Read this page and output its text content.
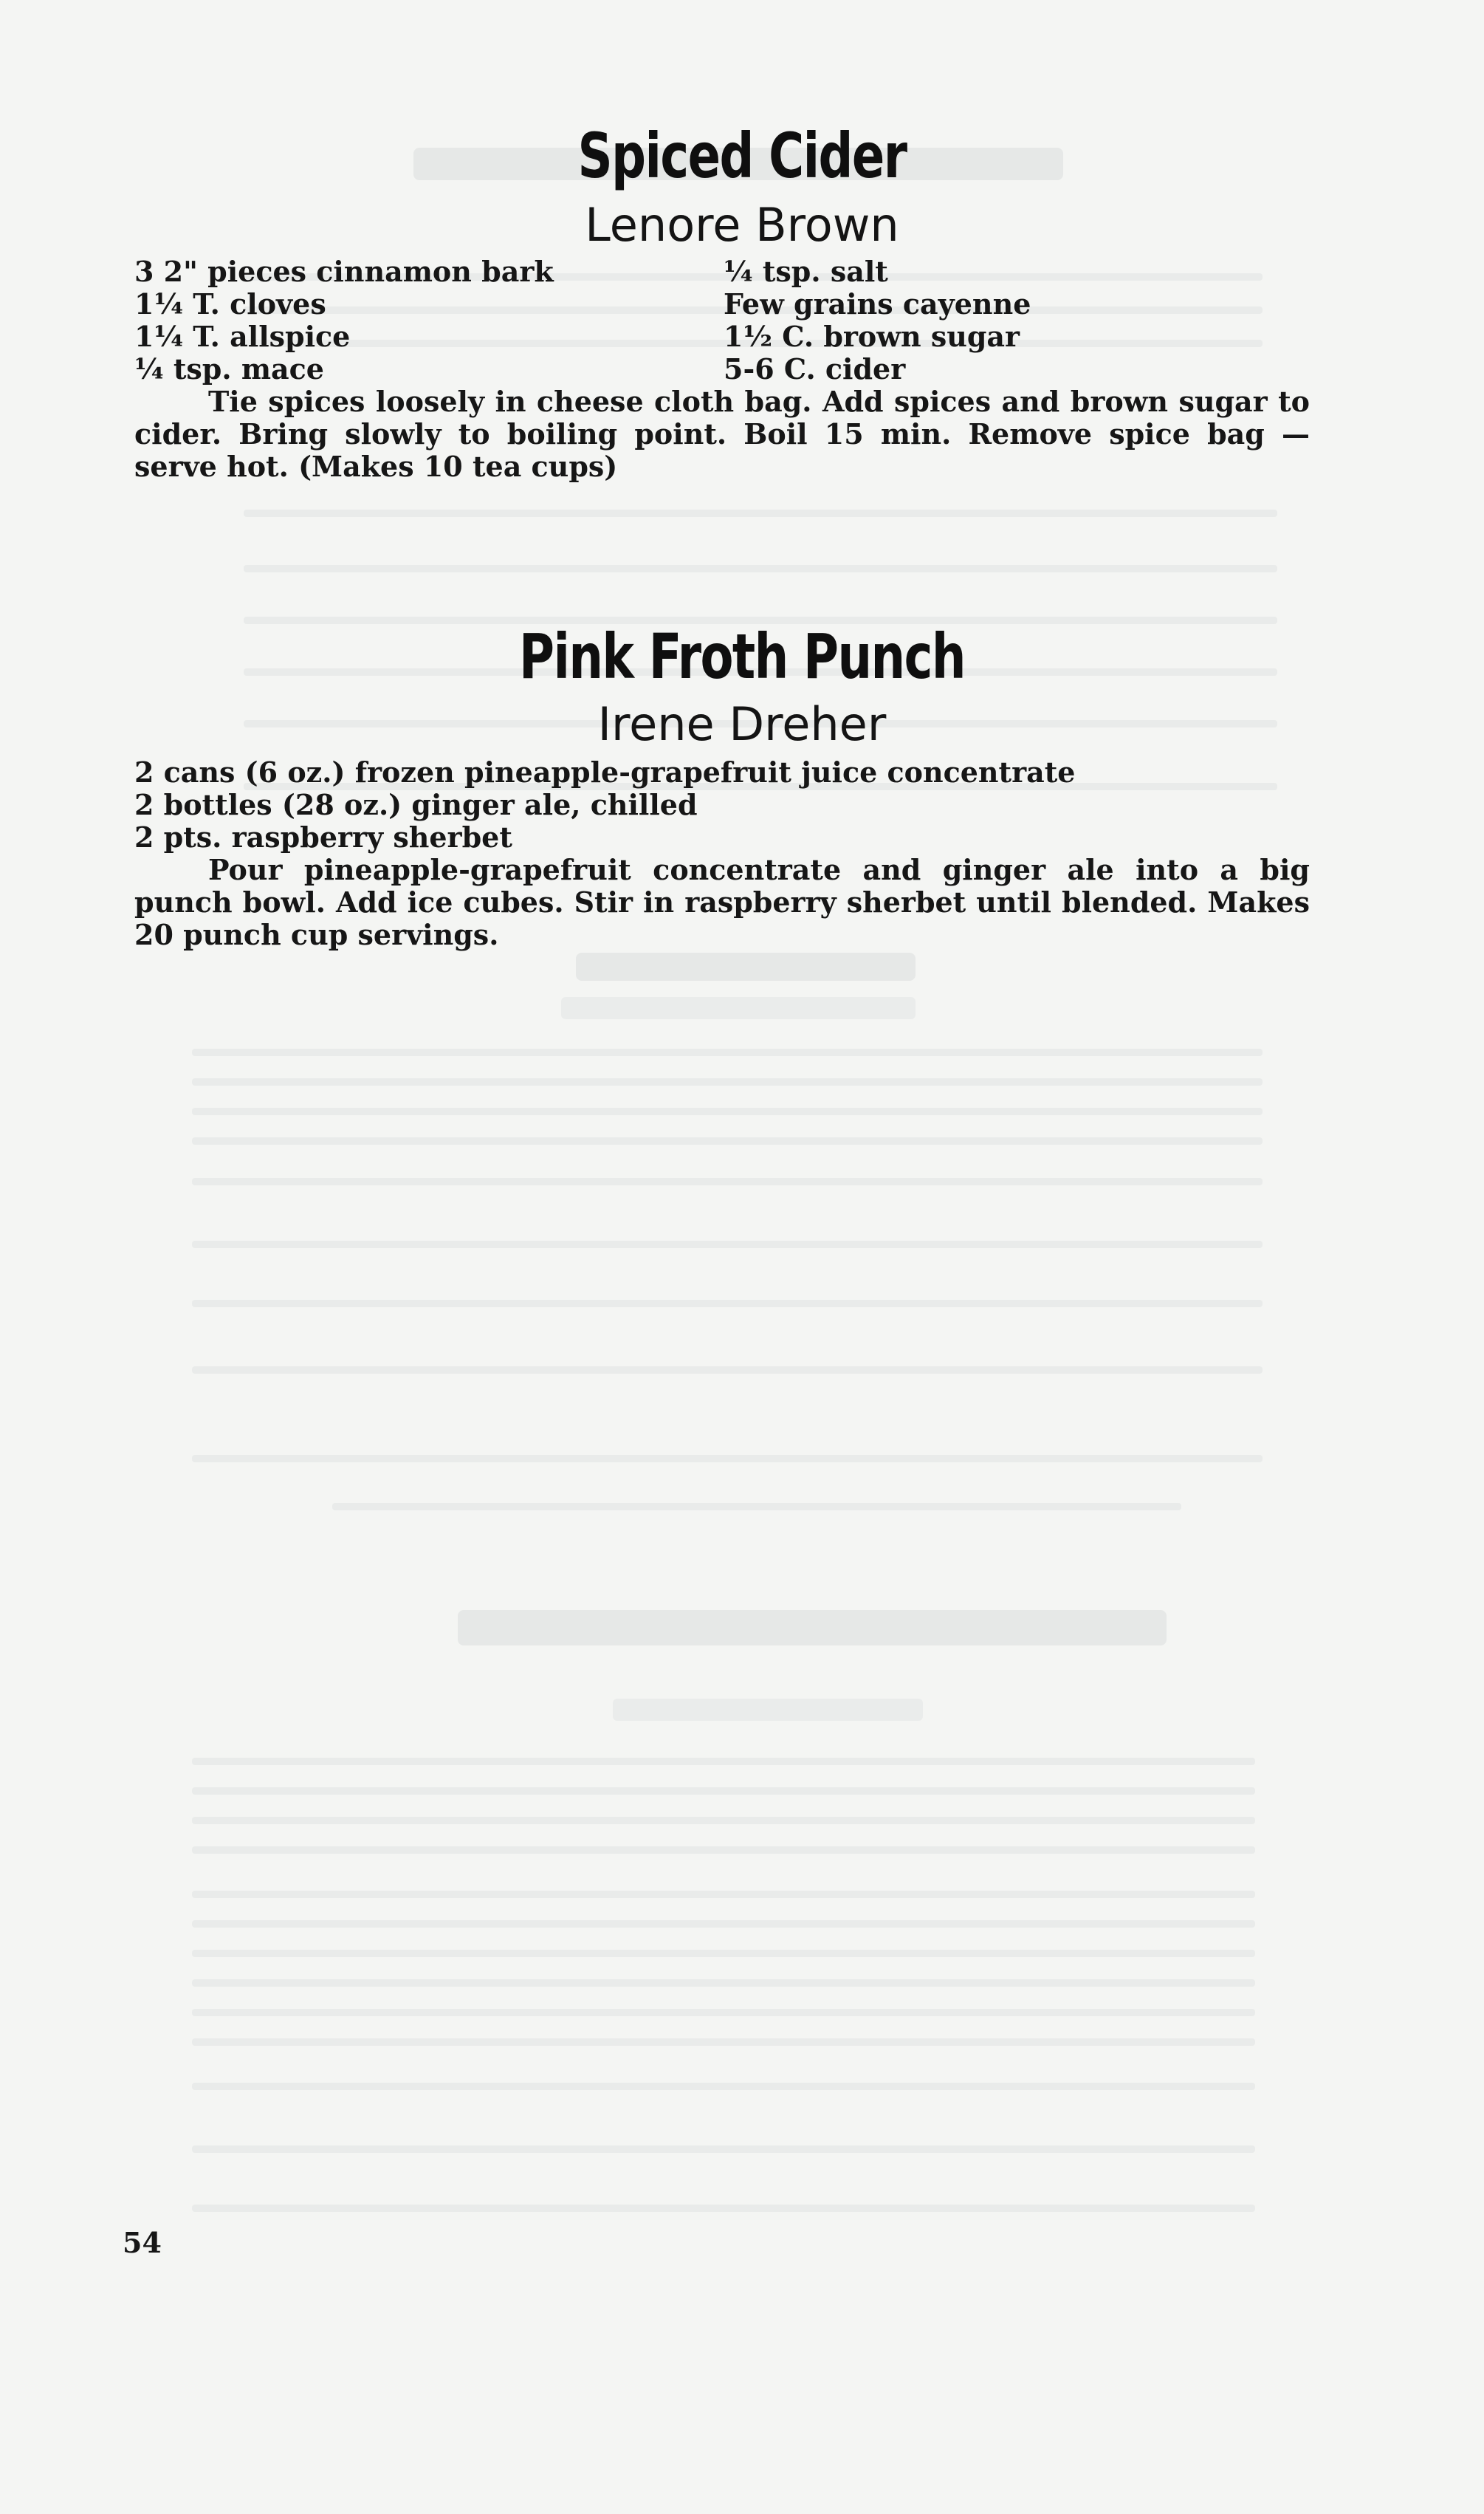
Spiced Cider
Lenore Brown
3 2" pieces cinnamon bark
1¼ T. cloves
1¼ T. allspice
¼ tsp. mace
¼ tsp. salt
Few grains cayenne
1½ C. brown sugar
5-6 C. cider

Tie spices loosely in cheese cloth bag. Add spices and brown sugar to cider. Bring slowly to boiling point. Boil 15 min. Remove spice bag — serve hot. (Makes 10 tea cups)

Pink Froth Punch
Irene Dreher
2 cans (6 oz.) frozen pineapple-grapefruit juice concentrate
2 bottles (28 oz.) ginger ale, chilled
2 pts. raspberry sherbet

Pour pineapple-grapefruit concentrate and ginger ale into a big punch bowl. Add ice cubes. Stir in raspberry sherbet until blended. Makes 20 punch cup servings.

54
